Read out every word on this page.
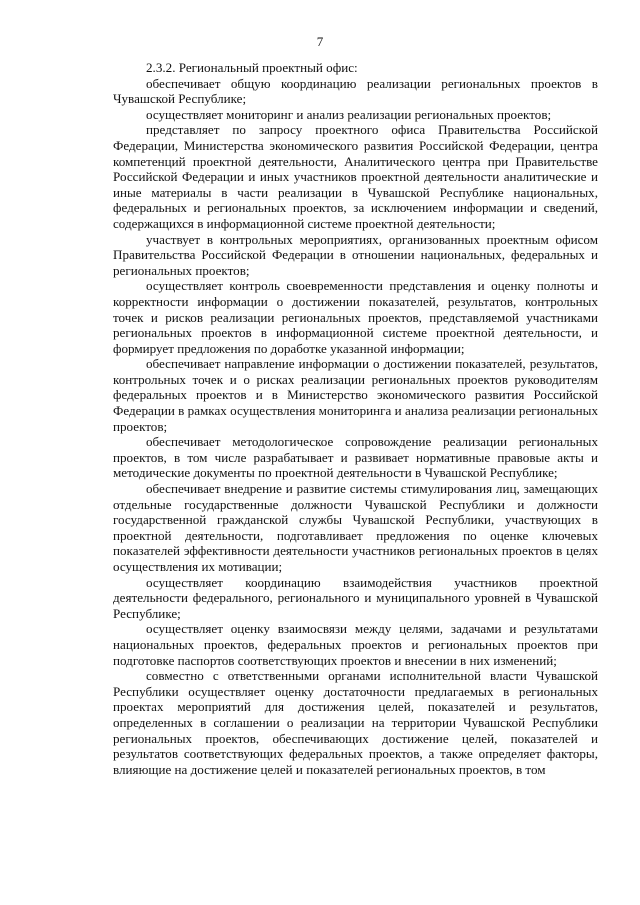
7

2.3.2. Региональный проектный офис:

обеспечивает общую координацию реализации региональных проектов в Чувашской Республике;

осуществляет мониторинг и анализ реализации региональных проектов;

представляет по запросу проектного офиса Правительства Российской Федерации, Министерства экономического развития Российской Федерации, центра компетенций проектной деятельности, Аналитического центра при Правительстве Российской Федерации и иных участников проектной деятельности аналитические и иные материалы в части реализации в Чувашской Республике национальных, федеральных и региональных проектов, за исключением информации и сведений, содержащихся в информационной системе проектной деятельности;

участвует в контрольных мероприятиях, организованных проектным офисом Правительства Российской Федерации в отношении национальных, федеральных и региональных проектов;

осуществляет контроль своевременности представления и оценку полноты и корректности информации о достижении показателей, результатов, контрольных точек и рисков реализации региональных проектов, представляемой участниками региональных проектов в информационной системе проектной деятельности, и формирует предложения по доработке указанной информации;

обеспечивает направление информации о достижении показателей, результатов, контрольных точек и о рисках реализации региональных проектов руководителям федеральных проектов и в Министерство экономического развития Российской Федерации в рамках осуществления мониторинга и анализа реализации региональных проектов;

обеспечивает методологическое сопровождение реализации региональных проектов, в том числе разрабатывает и развивает нормативные правовые акты и методические документы по проектной деятельности в Чувашской Республике;

обеспечивает внедрение и развитие системы стимулирования лиц, замещающих отдельные государственные должности Чувашской Республики и должности государственной гражданской службы Чувашской Республики, участвующих в проектной деятельности, подготавливает предложения по оценке ключевых показателей эффективности деятельности участников региональных проектов в целях осуществления их мотивации;

осуществляет координацию взаимодействия участников проектной деятельности федерального, регионального и муниципального уровней в Чувашской Республике;

осуществляет оценку взаимосвязи между целями, задачами и результатами национальных проектов, федеральных проектов и региональных проектов при подготовке паспортов соответствующих проектов и внесении в них изменений;

совместно с ответственными органами исполнительной власти Чувашской Республики осуществляет оценку достаточности предлагаемых в региональных проектах мероприятий для достижения целей, показателей и результатов, определенных в соглашении о реализации на территории Чувашской Республики региональных проектов, обеспечивающих достижение целей, показателей и результатов соответствующих федеральных проектов, а также определяет факторы, влияющие на достижение целей и показателей региональных проектов, в том
